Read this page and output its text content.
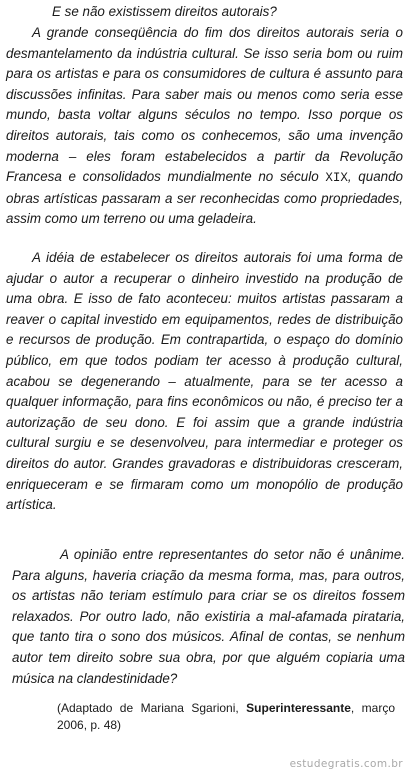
E se não existissem direitos autorais?

A grande conseqüência do fim dos direitos autorais seria o desmantelamento da indústria cultural. Se isso seria bom ou ruim para os artistas e para os consumidores de cultura é assunto para discussões infinitas. Para saber mais ou menos como seria esse mundo, basta voltar alguns séculos no tempo. Isso porque os direitos autorais, tais como os conhecemos, são uma invenção moderna – eles foram estabelecidos a partir da Revolução Francesa e consolidados mundialmente no século XIX, quando obras artísticas passaram a ser reconhecidas como propriedades, assim como um terreno ou uma geladeira.

A idéia de estabelecer os direitos autorais foi uma forma de ajudar o autor a recuperar o dinheiro investido na produção de uma obra. E isso de fato aconteceu: muitos artistas passaram a reaver o capital investido em equipamentos, redes de distribuição e recursos de produção. Em contrapartida, o espaço do domínio público, em que todos podiam ter acesso à produção cultural, acabou se degenerando – atualmente, para se ter acesso a qualquer informação, para fins econômicos ou não, é preciso ter a autorização de seu dono. E foi assim que a grande indústria cultural surgiu e se desenvolveu, para intermediar e proteger os direitos do autor. Grandes gravadoras e distribuidoras cresceram, enriqueceram e se firmaram como um monopólio de produção artística.

A opinião entre representantes do setor não é unânime. Para alguns, haveria criação da mesma forma, mas, para outros, os artistas não teriam estímulo para criar se os direitos fossem relaxados. Por outro lado, não existiria a mal-afamada pirataria, que tanto tira o sono dos músicos. Afinal de contas, se nenhum autor tem direito sobre sua obra, por que alguém copiaria uma música na clandestinidade?

(Adaptado de Mariana Sgarioni, Superinteressante, março 2006, p. 48)

estudegratis.com.br
